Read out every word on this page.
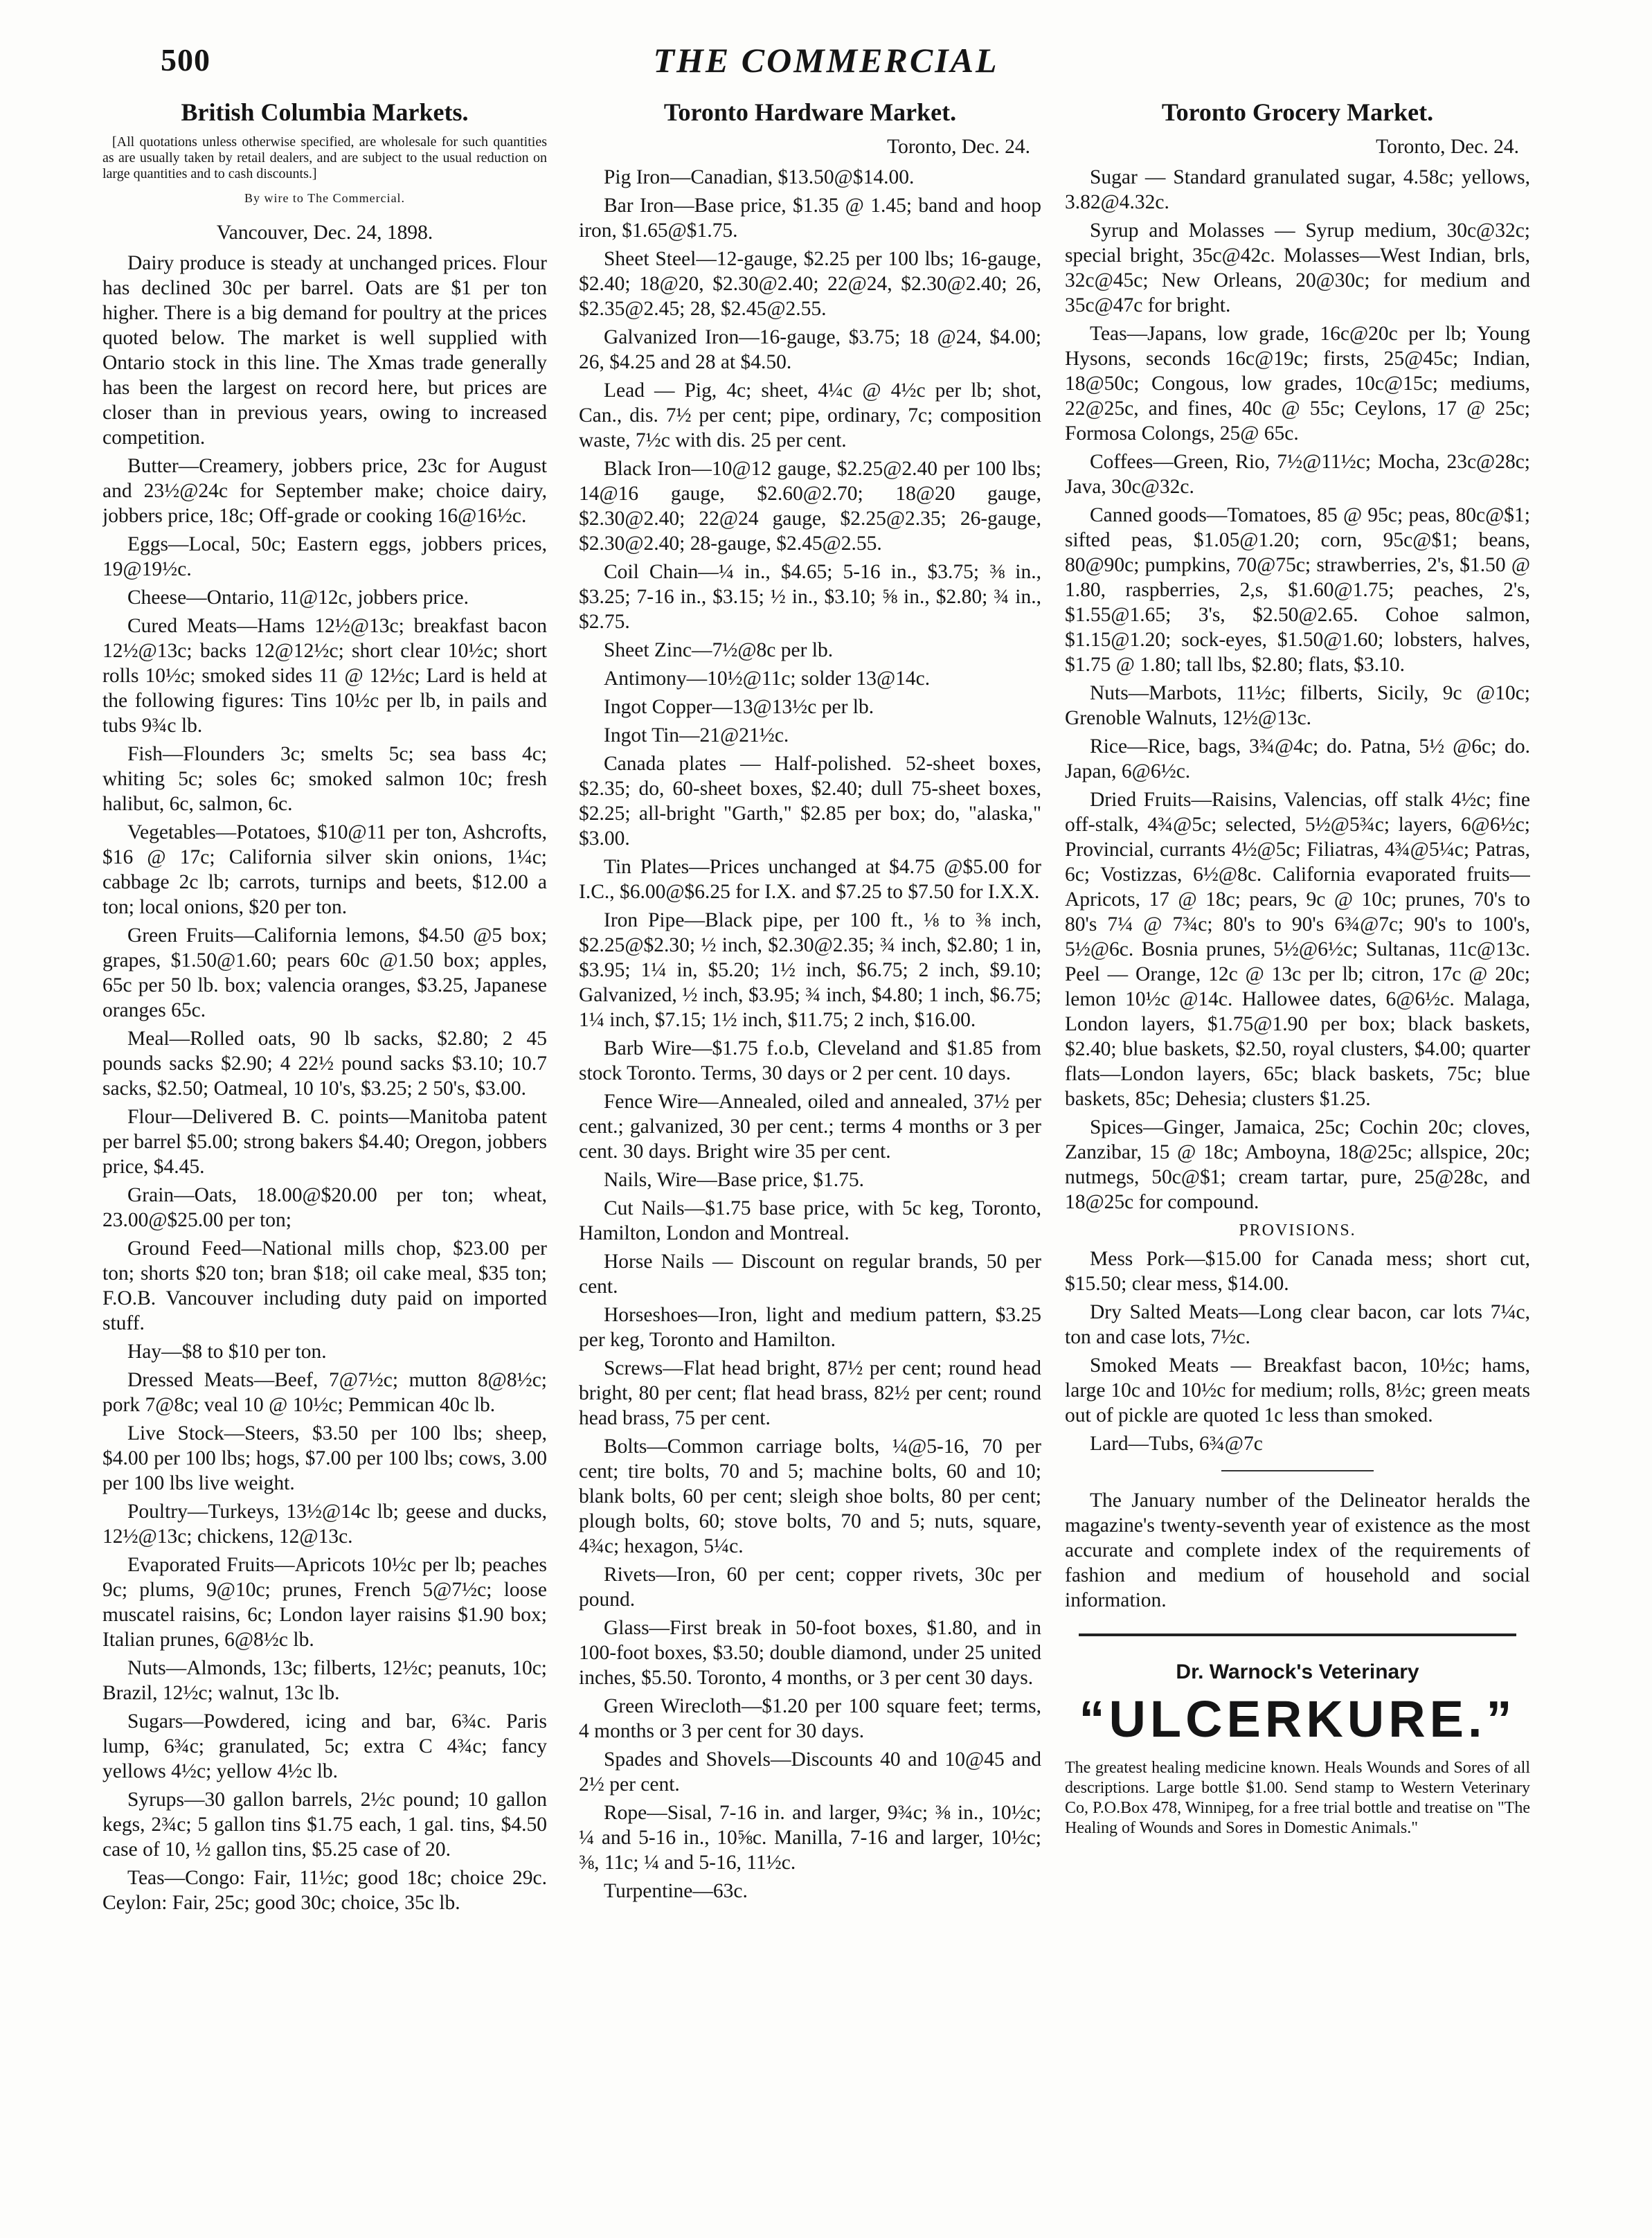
500	THE COMMERCIAL
British Columbia Markets.

[All quotations unless otherwise specified, are wholesale for such quantities as are usually taken by retail dealers, and are subject to the usual reduction on large quantities and to cash discounts.]

By wire to The Commercial.
Vancouver, Dec. 24, 1898.

Dairy produce is steady at unchanged prices. Flour has declined 30c per barrel. Oats are $1 per ton higher. There is a big demand for poultry at the prices quoted below. The market is well supplied with Ontario stock in this line. The Xmas trade generally has been the largest on record here, but prices are closer than in previous years, owing to increased competition.

Butter—Creamery, jobbers price, 23c for August and 23½@24c for September make; choice dairy, jobbers price, 18c; Off-grade or cooking 16@16½c.

Eggs—Local, 50c; Eastern eggs, jobbers prices, 19@19½c.

Cheese—Ontario, 11@12c, jobbers price.

Cured Meats—Hams 12½@13c; breakfast bacon 12½@13c; backs 12@12½c; short clear 10½c; short rolls 10½c; smoked sides 11 @ 12½c; Lard is held at the following figures: Tins 10½c per lb, in pails and tubs 9¾c lb.

Fish—Flounders 3c; smelts 5c; sea bass 4c; whiting 5c; soles 6c; smoked salmon 10c; fresh halibut, 6c, salmon, 6c.

Vegetables—Potatoes, $10@11 per ton, Ashcrofts, $16 @ 17c; California silver skin onions, 1¼c; cabbage 2c lb; carrots, turnips and beets, $12.00 a ton; local onions, $20 per ton.

Green Fruits—California lemons, $4.50 @5 box; grapes, $1.50@1.60; pears 60c @1.50 box; apples, 65c per 50 lb. box; valencia oranges, $3.25, Japanese oranges 65c.

Meal—Rolled oats, 90 lb sacks, $2.80; 2 45 pounds sacks $2.90; 4 22½ pound sacks $3.10; 10.7 sacks, $2.50; Oatmeal, 10 10's, $3.25; 2 50's, $3.00.

Flour—Delivered B. C. points—Manitoba patent per barrel $5.00; strong bakers $4.40; Oregon, jobbers price, $4.45.

Grain—Oats, 18.00@$20.00 per ton; wheat, 23.00@$25.00 per ton;

Ground Feed—National mills chop, $23.00 per ton; shorts $20 ton; bran $18; oil cake meal, $35 ton; F.O.B. Vancouver including duty paid on imported stuff.

Hay—$8 to $10 per ton.

Dressed Meats—Beef, 7@7½c; mutton 8@8½c; pork 7@8c; veal 10 @ 10½c; Pemmican 40c lb.

Live Stock—Steers, $3.50 per 100 lbs; sheep, $4.00 per 100 lbs; hogs, $7.00 per 100 lbs; cows, 3.00 per 100 lbs live weight.

Poultry—Turkeys, 13½@14c lb; geese and ducks, 12½@13c; chickens, 12@13c.

Evaporated Fruits—Apricots 10½c per lb; peaches 9c; plums, 9@10c; prunes, French 5@7½c; loose muscatel raisins, 6c; London layer raisins $1.90 box; Italian prunes, 6@8½c lb.

Nuts—Almonds, 13c; filberts, 12½c; peanuts, 10c; Brazil, 12½c; walnut, 13c lb.

Sugars—Powdered, icing and bar, 6¾c. Paris lump, 6¾c; granulated, 5c; extra C 4¾c; fancy yellows 4½c; yellow 4½c lb.

Syrups—30 gallon barrels, 2½c pound; 10 gallon kegs, 2¾c; 5 gallon tins $1.75 each, 1 gal. tins, $4.50 case of 10, ½ gallon tins, $5.25 case of 20.

Teas—Congo: Fair, 11½c; good 18c; choice 29c. Ceylon: Fair, 25c; good 30c; choice, 35c lb.

Toronto Hardware Market.
Toronto, Dec. 24.

Pig Iron—Canadian, $13.50@$14.00.

Bar Iron—Base price, $1.35 @ 1.45; band and hoop iron, $1.65@$1.75.

Sheet Steel—12-gauge, $2.25 per 100 lbs; 16-gauge, $2.40; 18@20, $2.30@2.40; 22@24, $2.30@2.40; 26, $2.35@2.45; 28, $2.45@2.55.

Galvanized Iron—16-gauge, $3.75; 18 @24, $4.00; 26, $4.25 and 28 at $4.50.

Lead — Pig, 4c; sheet, 4¼c @ 4½c per lb; shot, Can., dis. 7½ per cent; pipe, ordinary, 7c; composition waste, 7½c with dis. 25 per cent.

Black Iron—10@12 gauge, $2.25@2.40 per 100 lbs; 14@16 gauge, $2.60@2.70; 18@20 gauge, $2.30@2.40; 22@24 gauge, $2.25@2.35; 26-gauge, $2.30@2.40; 28-gauge, $2.45@2.55.

Coil Chain—¼ in., $4.65; 5-16 in., $3.75; ⅜ in., $3.25; 7-16 in., $3.15; ½ in., $3.10; ⅝ in., $2.80; ¾ in., $2.75.

Sheet Zinc—7½@8c per lb.

Antimony—10½@11c; solder 13@14c.

Ingot Copper—13@13½c per lb.

Ingot Tin—21@21½c.

Canada plates — Half-polished. 52-sheet boxes, $2.35; do, 60-sheet boxes, $2.40; dull 75-sheet boxes, $2.25; all-bright "Garth," $2.85 per box; do, "alaska," $3.00.

Tin Plates—Prices unchanged at $4.75 @$5.00 for I.C., $6.00@$6.25 for I.X. and $7.25 to $7.50 for I.X.X.

Iron Pipe—Black pipe, per 100 ft., ⅛ to ⅜ inch, $2.25@$2.30; ½ inch, $2.30@2.35; ¾ inch, $2.80; 1 in, $3.95; 1¼ in, $5.20; 1½ inch, $6.75; 2 inch, $9.10; Galvanized, ½ inch, $3.95; ¾ inch, $4.80; 1 inch, $6.75; 1¼ inch, $7.15; 1½ inch, $11.75; 2 inch, $16.00.

Barb Wire—$1.75 f.o.b, Cleveland and $1.85 from stock Toronto. Terms, 30 days or 2 per cent. 10 days.

Fence Wire—Annealed, oiled and annealed, 37½ per cent.; galvanized, 30 per cent.; terms 4 months or 3 per cent. 30 days. Bright wire 35 per cent.

Nails, Wire—Base price, $1.75.

Cut Nails—$1.75 base price, with 5c keg, Toronto, Hamilton, London and Montreal.

Horse Nails — Discount on regular brands, 50 per cent.

Horseshoes—Iron, light and medium pattern, $3.25 per keg, Toronto and Hamilton.

Screws—Flat head bright, 87½ per cent; round head bright, 80 per cent; flat head brass, 82½ per cent; round head brass, 75 per cent.

Bolts—Common carriage bolts, ¼@5-16, 70 per cent; tire bolts, 70 and 5; machine bolts, 60 and 10; blank bolts, 60 per cent; sleigh shoe bolts, 80 per cent; plough bolts, 60; stove bolts, 70 and 5; nuts, square, 4¾c; hexagon, 5¼c.

Rivets—Iron, 60 per cent; copper rivets, 30c per pound.

Glass—First break in 50-foot boxes, $1.80, and in 100-foot boxes, $3.50; double diamond, under 25 united inches, $5.50. Toronto, 4 months, or 3 per cent 30 days.

Green Wirecloth—$1.20 per 100 square feet; terms, 4 months or 3 per cent for 30 days.

Spades and Shovels—Discounts 40 and 10@45 and 2½ per cent.

Rope—Sisal, 7-16 in. and larger, 9¾c; ⅜ in., 10½c; ¼ and 5-16 in., 10⅝c. Manilla, 7-16 and larger, 10½c; ⅜, 11c; ¼ and 5-16, 11½c.

Turpentine—63c.

Toronto Grocery Market.
Toronto, Dec. 24.

Sugar — Standard granulated sugar, 4.58c; yellows, 3.82@4.32c.

Syrup and Molasses — Syrup medium, 30c@32c; special bright, 35c@42c. Molasses—West Indian, brls, 32c@45c; New Orleans, 20@30c; for medium and 35c@47c for bright.

Teas—Japans, low grade, 16c@20c per lb; Young Hysons, seconds 16c@19c; firsts, 25@45c; Indian, 18@50c; Congous, low grades, 10c@15c; mediums, 22@25c, and fines, 40c @ 55c; Ceylons, 17 @ 25c; Formosa Colongs, 25@ 65c.

Coffees—Green, Rio, 7½@11½c; Mocha, 23c@28c; Java, 30c@32c.

Canned goods—Tomatoes, 85 @ 95c; peas, 80c@$1; sifted peas, $1.05@1.20; corn, 95c@$1; beans, 80@90c; pumpkins, 70@75c; strawberries, 2's, $1.50 @ 1.80, raspberries, 2,s, $1.60@1.75; peaches, 2's, $1.55@1.65; 3's, $2.50@2.65. Cohoe salmon, $1.15@1.20; sock-eyes, $1.50@1.60; lobsters, halves, $1.75 @ 1.80; tall lbs, $2.80; flats, $3.10.

Nuts—Marbots, 11½c; filberts, Sicily, 9c @10c; Grenoble Walnuts, 12½@13c.

Rice—Rice, bags, 3¾@4c; do. Patna, 5½ @6c; do. Japan, 6@6½c.

Dried Fruits—Raisins, Valencias, off stalk 4½c; fine off-stalk, 4¾@5c; selected, 5½@5¾c; layers, 6@6½c; Provincial, currants 4½@5c; Filiatras, 4¾@5¼c; Patras, 6c; Vostizzas, 6½@8c. California evaporated fruits—Apricots, 17 @ 18c; pears, 9c @ 10c; prunes, 70's to 80's 7¼ @ 7¾c; 80's to 90's 6¾@7c; 90's to 100's, 5½@6c. Bosnia prunes, 5½@6½c; Sultanas, 11c@13c. Peel — Orange, 12c @ 13c per lb; citron, 17c @ 20c; lemon 10½c @14c. Hallowee dates, 6@6½c. Malaga, London layers, $1.75@1.90 per box; black baskets, $2.40; blue baskets, $2.50, royal clusters, $4.00; quarter flats—London layers, 65c; black baskets, 75c; blue baskets, 85c; Dehesia; clusters $1.25.

Spices—Ginger, Jamaica, 25c; Cochin 20c; cloves, Zanzibar, 15 @ 18c; Amboyna, 18@25c; allspice, 20c; nutmegs, 50c@$1; cream tartar, pure, 25@28c, and 18@25c for compound.

PROVISIONS.

Mess Pork—$15.00 for Canada mess; short cut, $15.50; clear mess, $14.00.

Dry Salted Meats—Long clear bacon, car lots 7¼c, ton and case lots, 7½c.

Smoked Meats — Breakfast bacon, 10½c; hams, large 10c and 10½c for medium; rolls, 8½c; green meats out of pickle are quoted 1c less than smoked.

Lard—Tubs, 6¾@7c

The January number of the Delineator heralds the magazine's twenty-seventh year of existence as the most accurate and complete index of the requirements of fashion and medium of household and social information.

Dr. Warnock's Veterinary
“ULCERKURE.”
The greatest healing medicine known. Heals Wounds and Sores of all descriptions. Large bottle $1.00. Send stamp to Western Veterinary Co, P.O.Box 478, Winnipeg, for a free trial bottle and treatise on "The Healing of Wounds and Sores in Domestic Animals."
